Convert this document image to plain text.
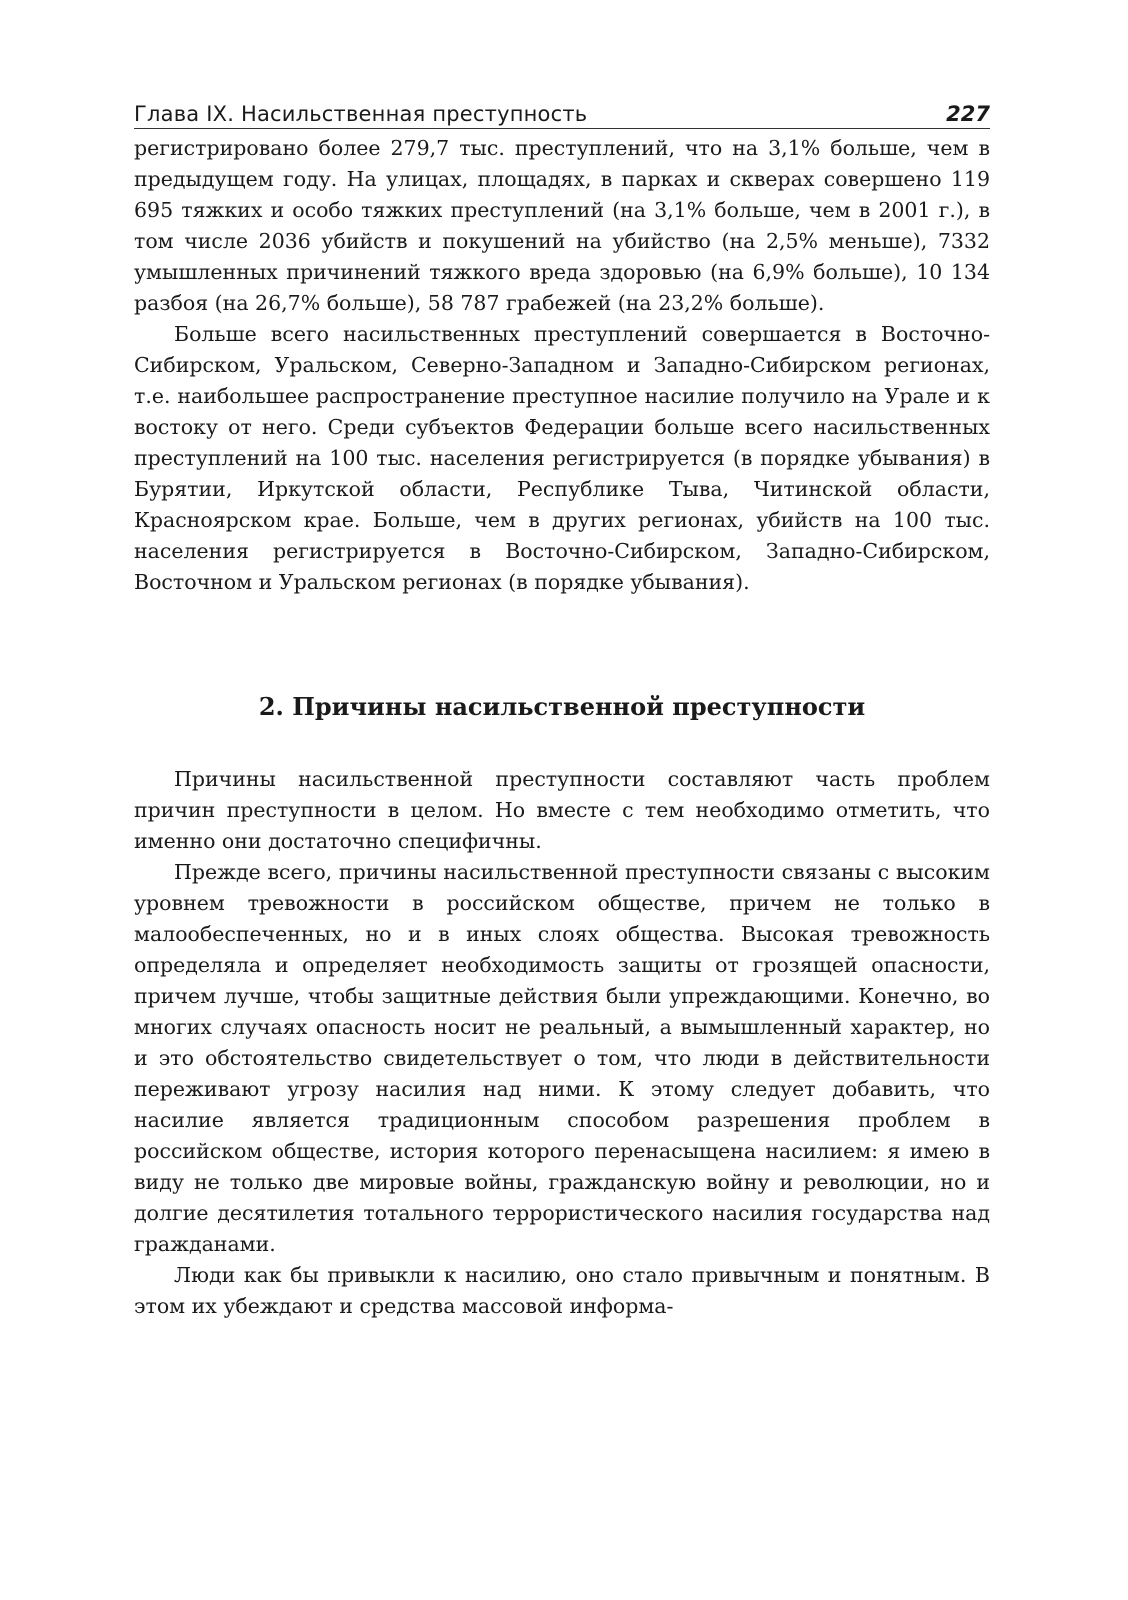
Глава IX. Насильственная преступность	227

регистрировано более 279,7 тыс. преступлений, что на 3,1% больше, чем в предыдущем году. На улицах, площадях, в парках и скверах совершено 119 695 тяжких и особо тяжких преступлений (на 3,1% больше, чем в 2001 г.), в том числе 2036 убийств и покушений на убийство (на 2,5% меньше), 7332 умышленных причинений тяжкого вреда здоровью (на 6,9% больше), 10 134 разбоя (на 26,7% больше), 58 787 грабежей (на 23,2% больше).

Больше всего насильственных преступлений совершается в Восточно-Сибирском, Уральском, Северно-Западном и Западно-Сибирском регионах, т.е. наибольшее распространение преступное насилие получило на Урале и к востоку от него. Среди субъектов Федерации больше всего насильственных преступлений на 100 тыс. населения регистрируется (в порядке убывания) в Бурятии, Иркутской области, Республике Тыва, Читинской области, Красноярском крае. Больше, чем в других регионах, убийств на 100 тыс. населения регистрируется в Восточно-Сибирском, Западно-Сибирском, Восточном и Уральском регионах (в порядке убывания).

2. Причины насильственной преступности

Причины насильственной преступности составляют часть проблем причин преступности в целом. Но вместе с тем необходимо отметить, что именно они достаточно специфичны.

Прежде всего, причины насильственной преступности связаны с высоким уровнем тревожности в российском обществе, причем не только в малообеспеченных, но и в иных слоях общества. Высокая тревожность определяла и определяет необходимость защиты от грозящей опасности, причем лучше, чтобы защитные действия были упреждающими. Конечно, во многих случаях опасность носит не реальный, а вымышленный характер, но и это обстоятельство свидетельствует о том, что люди в действительности переживают угрозу насилия над ними. К этому следует добавить, что насилие является традиционным способом разрешения проблем в российском обществе, история которого перенасыщена насилием: я имею в виду не только две мировые войны, гражданскую войну и революции, но и долгие десятилетия тотального террористического насилия государства над гражданами.

Люди как бы привыкли к насилию, оно стало привычным и понятным. В этом их убеждают и средства массовой информа-
